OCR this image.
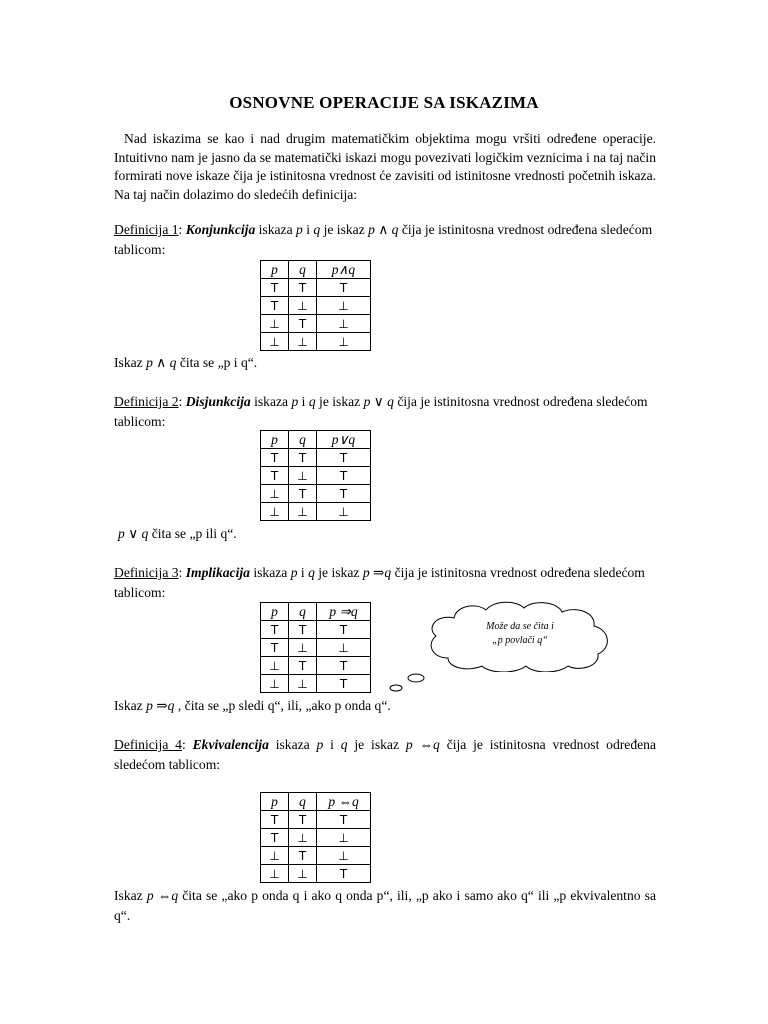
OSNOVNE OPERACIJE SA ISKAZIMA
Nad iskazima se kao i nad drugim matematičkim objektima mogu vršiti određene operacije. Intuitivno nam je jasno da se matematički iskazi mogu povezivati logičkim veznicima i na taj način formirati nove iskaze čija je istinitosna vrednost će zavisiti od istinitosne vrednosti početnih iskaza. Na taj način dolazimo do sledećih definicija:
Definicija 1: Konjunkcija iskaza p i q je iskaz p ∧ q čija je istinitosna vrednost određena sledećom tablicom:
p	q	p∧q
T	T	T
T	⊥	⊥
⊥	T	⊥
⊥	⊥	⊥
Iskaz p ∧ q čita se „p i q“.
Definicija 2: Disjunkcija iskaza p i q je iskaz p ∨ q čija je istinitosna vrednost određena sledećom tablicom:
p	q	p∨q
T	T	T
T	⊥	T
⊥	T	T
⊥	⊥	⊥
p ∨ q čita se „p ili q“.
Definicija 3: Implikacija iskaza p i q je iskaz p ⇒q čija je istinitosna vrednost određena sledećom tablicom:
p	q	p ⇒q
T	T	T
T	⊥	⊥
⊥	T	T
⊥	⊥	T
Može da se čita i
„p povlači q“
Iskaz p ⇒q , čita se „p sledi q“, ili, „ako p onda q“.
Definicija 4: Ekvivalencija iskaza p i q je iskaz p ⇔q čija je istinitosna vrednost određena sledećom tablicom:
p	q	p ⇔q
T	T	T
T	⊥	⊥
⊥	T	⊥
⊥	⊥	T
Iskaz p ⇔q čita se „ako p onda q i ako q onda p“, ili, „p ako i samo ako q“ ili „p ekvivalentno sa q“.
